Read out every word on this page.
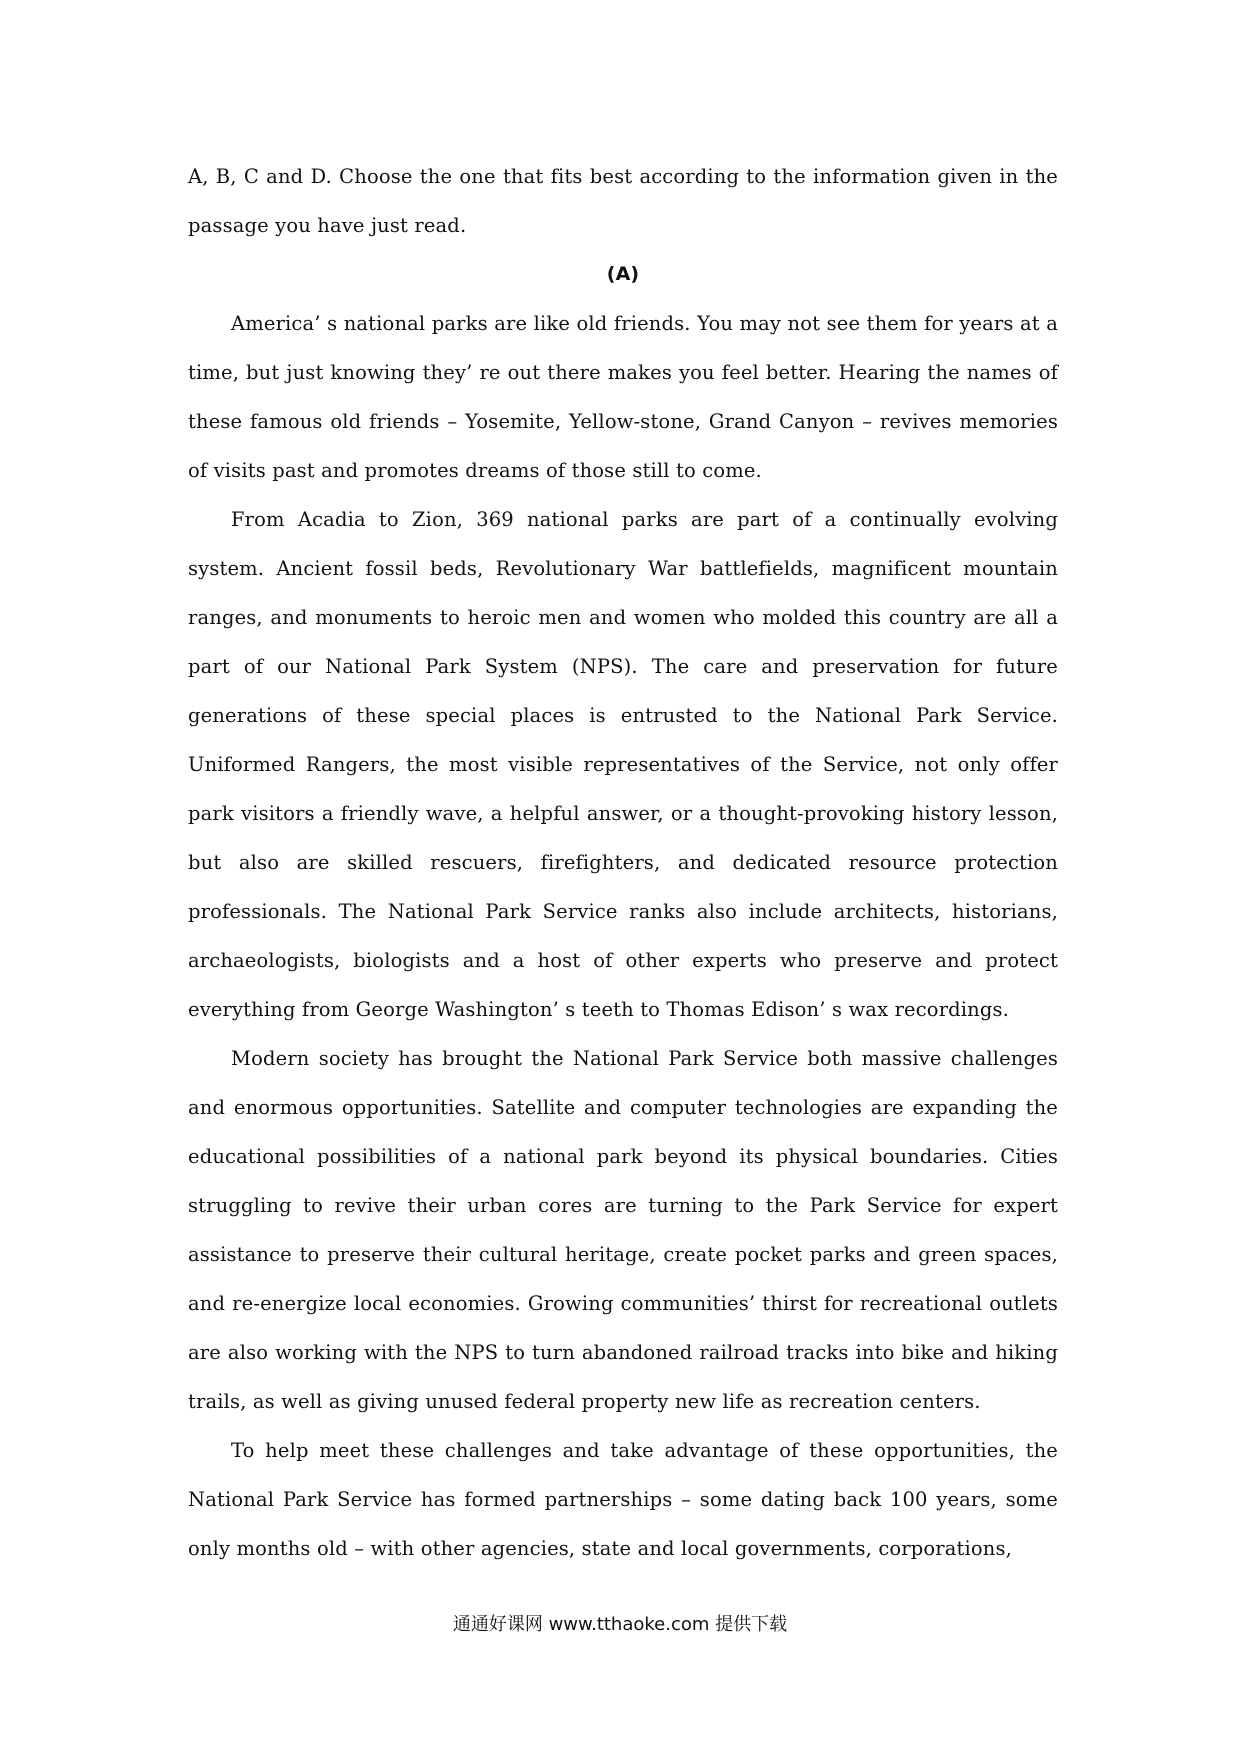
A, B, C and D. Choose the one that fits best according to the information given in the passage you have just read.

(A)

America’ s national parks are like old friends. You may not see them for years at a time, but just knowing they’ re out there makes you feel better. Hearing the names of these famous old friends – Yosemite, Yellow-stone, Grand Canyon – revives memories of visits past and promotes dreams of those still to come.

From Acadia to Zion, 369 national parks are part of a continually evolving system. Ancient fossil beds, Revolutionary War battlefields, magnificent mountain ranges, and monuments to heroic men and women who molded this country are all a part of our National Park System (NPS). The care and preservation for future generations of these special places is entrusted to the National Park Service. Uniformed Rangers, the most visible representatives of the Service, not only offer park visitors a friendly wave, a helpful answer, or a thought-provoking history lesson, but also are skilled rescuers, firefighters, and dedicated resource protection professionals. The National Park Service ranks also include architects, historians, archaeologists, biologists and a host of other experts who preserve and protect everything from George Washington’ s teeth to Thomas Edison’ s wax recordings.

Modern society has brought the National Park Service both massive challenges and enormous opportunities. Satellite and computer technologies are expanding the educational possibilities of a national park beyond its physical boundaries. Cities struggling to revive their urban cores are turning to the Park Service for expert assistance to preserve their cultural heritage, create pocket parks and green spaces, and re-energize local economies. Growing communities’ thirst for recreational outlets are also working with the NPS to turn abandoned railroad tracks into bike and hiking trails, as well as giving unused federal property new life as recreation centers.

To help meet these challenges and take advantage of these opportunities, the National Park Service has formed partnerships – some dating back 100 years, some only months old – with other agencies, state and local governments, corporations,

通通好课网 www.tthaoke.com 提供下载
